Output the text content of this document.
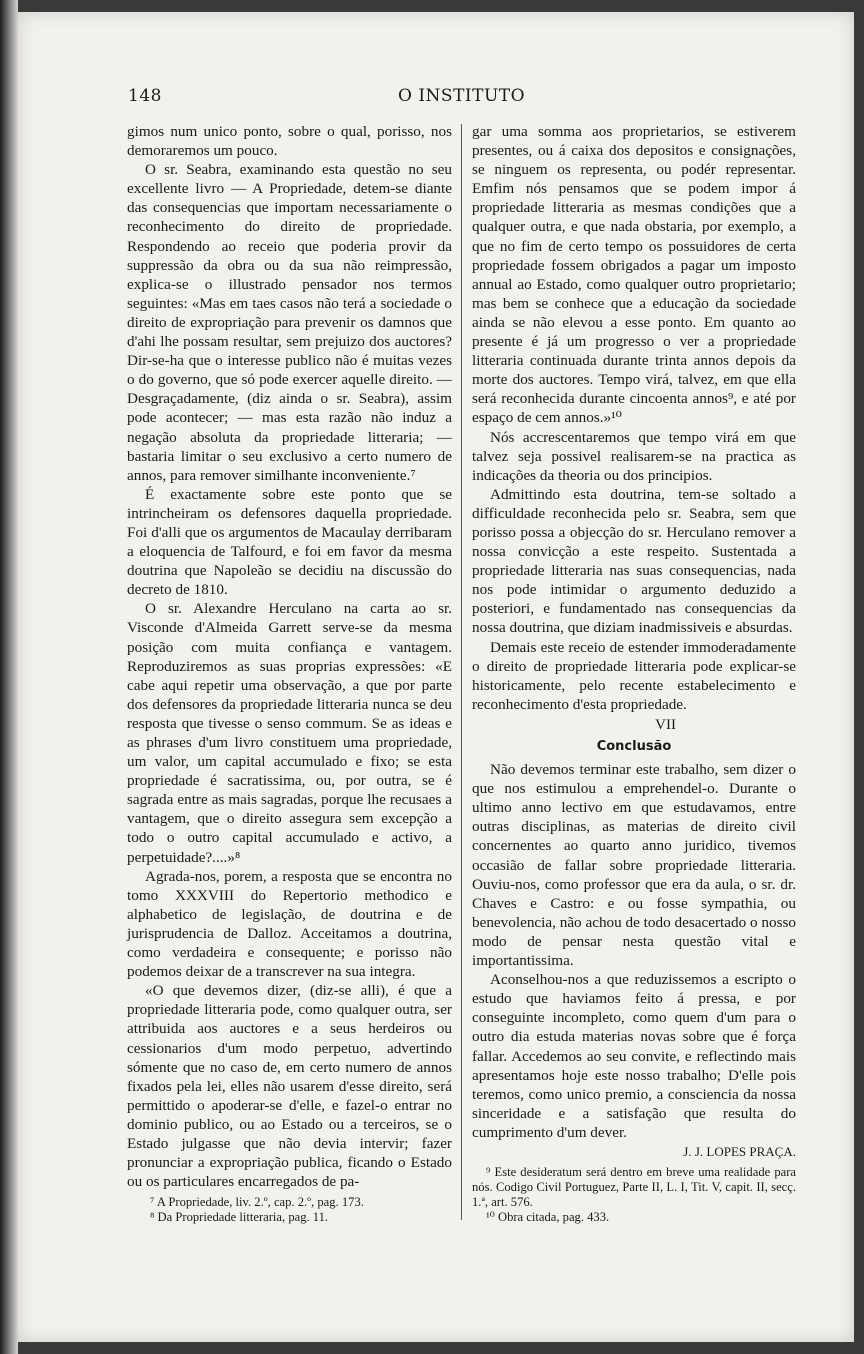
148	O INSTITUTO

gimos num unico ponto, sobre o qual, porisso, nos demoraremos um pouco.

O sr. Seabra, examinando esta questão no seu excellente livro — A Propriedade, detem-se diante das consequencias que importam necessariamente o reconhecimento do direito de propriedade. Respondendo ao receio que poderia provir da suppressão da obra ou da sua não reimpressão, explica-se o illustrado pensador nos termos seguintes: «Mas em taes casos não terá a sociedade o direito de expropriação para prevenir os damnos que d'ahi lhe possam resultar, sem prejuizo dos auctores? Dir-se-ha que o interesse publico não é muitas vezes o do governo, que só pode exercer aquelle direito. — Desgraçadamente, (diz ainda o sr. Seabra), assim pode acontecer; — mas esta razão não induz a negação absoluta da propriedade litteraria; — bastaria limitar o seu exclusivo a certo numero de annos, para remover similhante inconveniente.⁷

É exactamente sobre este ponto que se intrincheiram os defensores daquella propriedade. Foi d'alli que os argumentos de Macaulay derribaram a eloquencia de Talfourd, e foi em favor da mesma doutrina que Napoleão se decidiu na discussão do decreto de 1810.

O sr. Alexandre Herculano na carta ao sr. Visconde d'Almeida Garrett serve-se da mesma posição com muita confiança e vantagem. Reproduziremos as suas proprias expressões: «E cabe aqui repetir uma observação, a que por parte dos defensores da propriedade litteraria nunca se deu resposta que tivesse o senso commum. Se as ideas e as phrases d'um livro constituem uma propriedade, um valor, um capital accumulado e fixo; se esta propriedade é sacratissima, ou, por outra, se é sagrada entre as mais sagradas, porque lhe recusaes a vantagem, que o direito assegura sem excepção a todo o outro capital accumulado e activo, a perpetuidade?....»⁸

Agrada-nos, porem, a resposta que se encontra no tomo XXXVIII do Repertorio methodico e alphabetico de legislação, de doutrina e de jurisprudencia de Dalloz. Acceitamos a doutrina, como verdadeira e consequente; e porisso não podemos deixar de a transcrever na sua integra.

«O que devemos dizer, (diz-se alli), é que a propriedade litteraria pode, como qualquer outra, ser attribuida aos auctores e a seus herdeiros ou cessionarios d'um modo perpetuo, advertindo sómente que no caso de, em certo numero de annos fixados pela lei, elles não usarem d'esse direito, será permittido o apoderar-se d'elle, e fazel-o entrar no dominio publico, ou ao Estado ou a terceiros, se o Estado julgasse que não devia intervir; fazer pronunciar a expropriação publica, ficando o Estado ou os particulares encarregados de pa-

gar uma somma aos proprietarios, se estiverem presentes, ou á caixa dos depositos e consignações, se ninguem os representa, ou podér representar. Emfim nós pensamos que se podem impor á propriedade litteraria as mesmas condições que a qualquer outra, e que nada obstaria, por exemplo, a que no fim de certo tempo os possuidores de certa propriedade fossem obrigados a pagar um imposto annual ao Estado, como qualquer outro proprietario; mas bem se conhece que a educação da sociedade ainda se não elevou a esse ponto. Em quanto ao presente é já um progresso o ver a propriedade litteraria continuada durante trinta annos depois da morte dos auctores. Tempo virá, talvez, em que ella será reconhecida durante cincoenta annos⁹, e até por espaço de cem annos.»¹⁰

Nós accrescentaremos que tempo virá em que talvez seja possivel realisarem-se na practica as indicações da theoria ou dos principios.

Admittindo esta doutrina, tem-se soltado a difficuldade reconhecida pelo sr. Seabra, sem que porisso possa a objecção do sr. Herculano remover a nossa convicção a este respeito. Sustentada a propriedade litteraria nas suas consequencias, nada nos pode intimidar o argumento deduzido a posteriori, e fundamentado nas consequencias da nossa doutrina, que diziam inadmissiveis e absurdas.

Demais este receio de estender immoderadamente o direito de propriedade litteraria pode explicar-se historicamente, pelo recente estabelecimento e reconhecimento d'esta propriedade.

VII
Conclusão

Não devemos terminar este trabalho, sem dizer o que nos estimulou a emprehendel-o. Durante o ultimo anno lectivo em que estudavamos, entre outras disciplinas, as materias de direito civil concernentes ao quarto anno juridico, tivemos occasião de fallar sobre propriedade litteraria. Ouviu-nos, como professor que era da aula, o sr. dr. Chaves e Castro: e ou fosse sympathia, ou benevolencia, não achou de todo desacertado o nosso modo de pensar nesta questão vital e importantissima.

Aconselhou-nos a que reduzissemos a escripto o estudo que haviamos feito á pressa, e por conseguinte incompleto, como quem d'um para o outro dia estuda materias novas sobre que é força fallar. Accedemos ao seu convite, e reflectindo mais apresentamos hoje este nosso trabalho; D'elle pois teremos, como unico premio, a consciencia da nossa sinceridade e a satisfação que resulta do cumprimento d'um dever.

J. J. LOPES PRAÇA.

⁷ A Propriedade, liv. 2.º, cap. 2.º, pag. 173.

⁸ Da Propriedade litteraria, pag. 11.

⁹ Este desideratum será dentro em breve uma realidade para nós. Codigo Civil Portuguez, Parte II, L. I, Tit. V, capit. II, secç. 1.ª, art. 576.

¹⁰ Obra citada, pag. 433.
